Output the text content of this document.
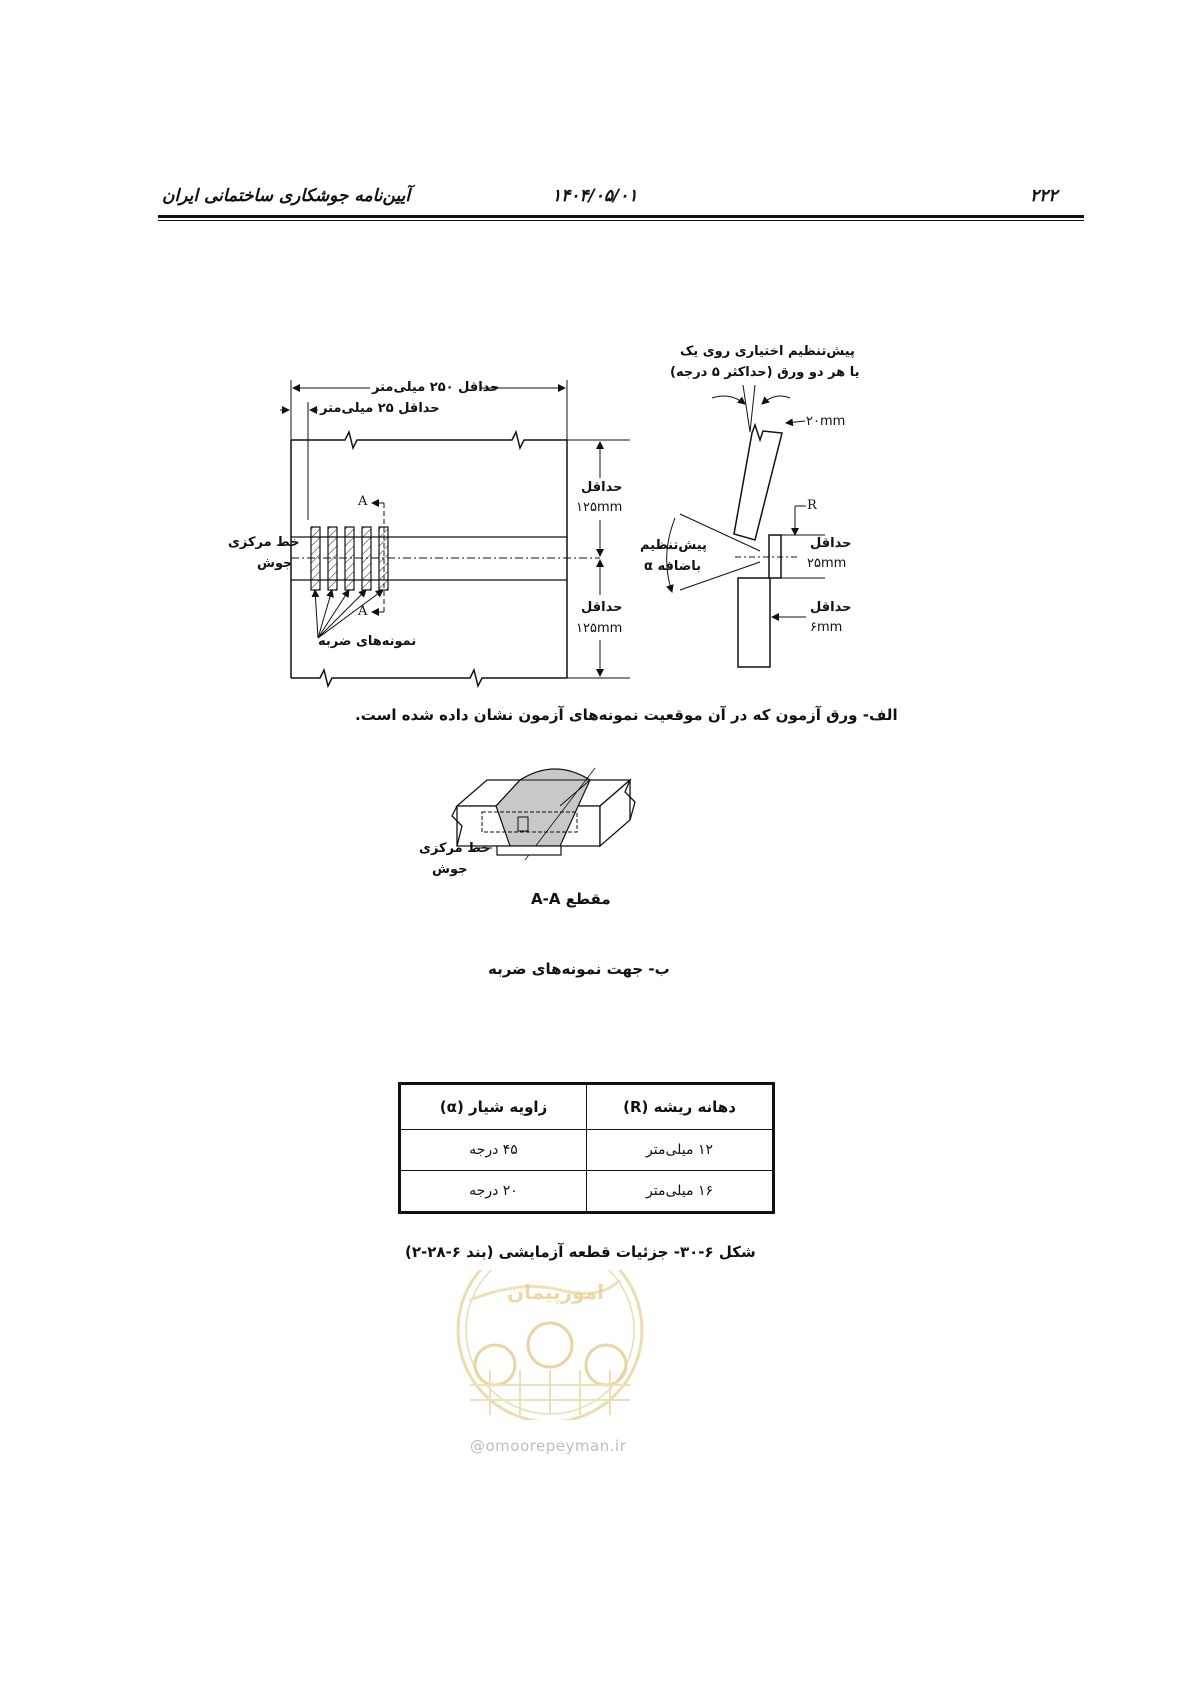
۲۲۲
۱۴۰۴/۰۵/۰۱
آیین‌نامه جوشکاری ساختمانی ایران
حداقل ۲۵۰ میلی‌متر
حداقل ۲۵ میلی‌متر
حداقل
۱۲۵mm
حداقل
۱۲۵mm
A
A
خط مرکزی
جوش
نمونه‌های ضربه
پیش‌تنظیم اختیاری روی یک
یا هر دو ورق (حداکثر ۵ درجه)
۲۰mm
R
حداقل
۲۵mm
حداقل
۶mm
پیش‌تنظیم
باضافه α
الف- ورق آزمون که در آن موقعیت نمونه‌های آزمون نشان داده شده است.
خط مرکزی
جوش
مقطع A-A
ب- جهت نمونه‌های ضربه
دهانه ریشه (R)	زاویه شیار (α)
۱۲ میلی‌متر	۴۵ درجه
۱۶ میلی‌متر	۲۰ درجه
شکل ۶-۳۰- جزئیات قطعه آزمایشی (بند ۶-۲۸-۲)
امورپیمان
@omoorepeyman.ir
